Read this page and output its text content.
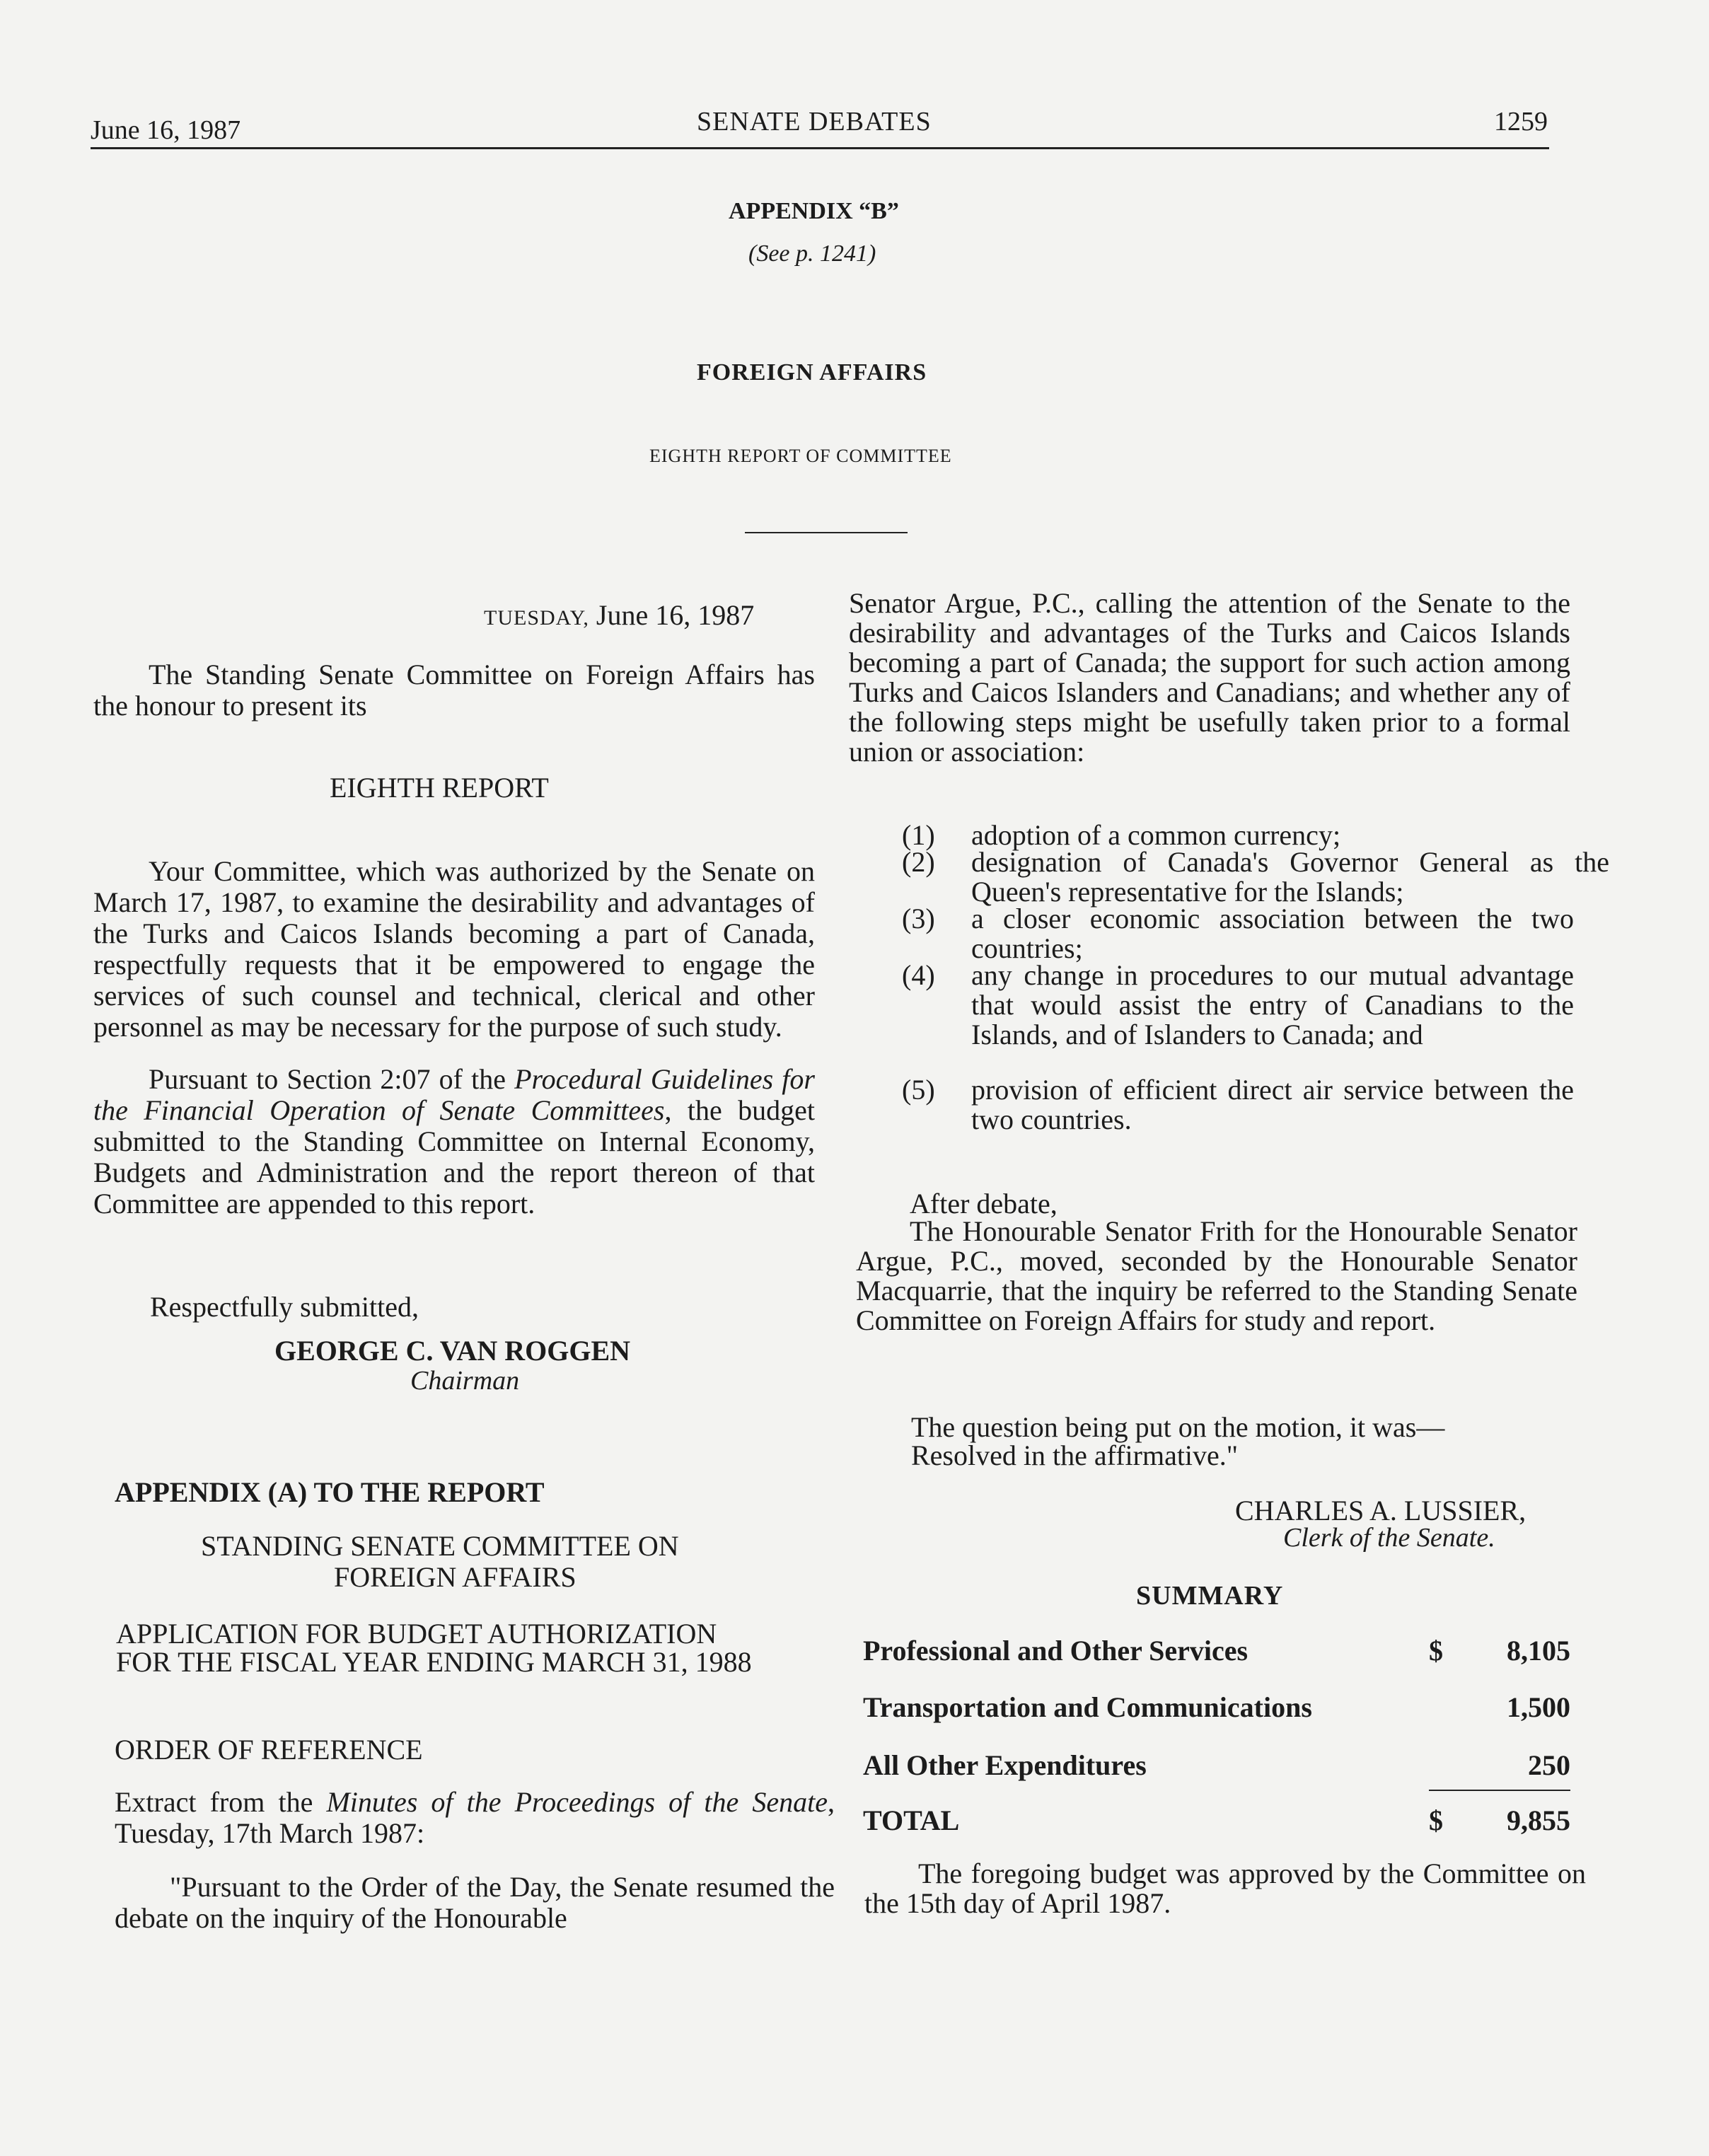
June 16, 1987	SENATE DEBATES	1259
APPENDIX “B”
(See p. 1241)
FOREIGN AFFAIRS
EIGHTH REPORT OF COMMITTEE
TUESDAY, June 16, 1987

The Standing Senate Committee on Foreign Affairs has the honour to present its

EIGHTH REPORT

Your Committee, which was authorized by the Senate on March 17, 1987, to examine the desirability and advantages of the Turks and Caicos Islands becoming a part of Canada, respectfully requests that it be empowered to engage the services of such counsel and technical, clerical and other personnel as may be necessary for the purpose of such study.

Pursuant to Section 2:07 of the Procedural Guidelines for the Financial Operation of Senate Committees, the budget submitted to the Standing Committee on Internal Economy, Budgets and Administration and the report thereon of that Committee are appended to this report.

Respectfully submitted,
GEORGE C. VAN ROGGEN
Chairman
APPENDIX (A) TO THE REPORT
STANDING SENATE COMMITTEE ON
FOREIGN AFFAIRS
APPLICATION FOR BUDGET AUTHORIZATION
FOR THE FISCAL YEAR ENDING MARCH 31, 1988
ORDER OF REFERENCE

Extract from the Minutes of the Proceedings of the Senate, Tuesday, 17th March 1987:

"Pursuant to the Order of the Day, the Senate resumed the debate on the inquiry of the Honourable

Senator Argue, P.C., calling the attention of the Senate to the desirability and advantages of the Turks and Caicos Islands becoming a part of Canada; the support for such action among Turks and Caicos Islanders and Canadians; and whether any of the following steps might be usefully taken prior to a formal union or association:
(1) adoption of a common currency;
(2) designation of Canada's Governor General as the Queen's representative for the Islands;
(3) a closer economic association between the two countries;
(4) any change in procedures to our mutual advantage that would assist the entry of Canadians to the Islands, and of Islanders to Canada; and
(5) provision of efficient direct air service between the two countries.
After debate,
The Honourable Senator Frith for the Honourable Senator Argue, P.C., moved, seconded by the Honourable Senator Macquarrie, that the inquiry be referred to the Standing Senate Committee on Foreign Affairs for study and report.
The question being put on the motion, it was—
Resolved in the affirmative."
CHARLES A. LUSSIER,
Clerk of the Senate.
SUMMARY
Professional and Other Services	$ 8,105
Transportation and Communications	1,500
All Other Expenditures	250
TOTAL	$ 9,855
The foregoing budget was approved by the Committee on the 15th day of April 1987.
